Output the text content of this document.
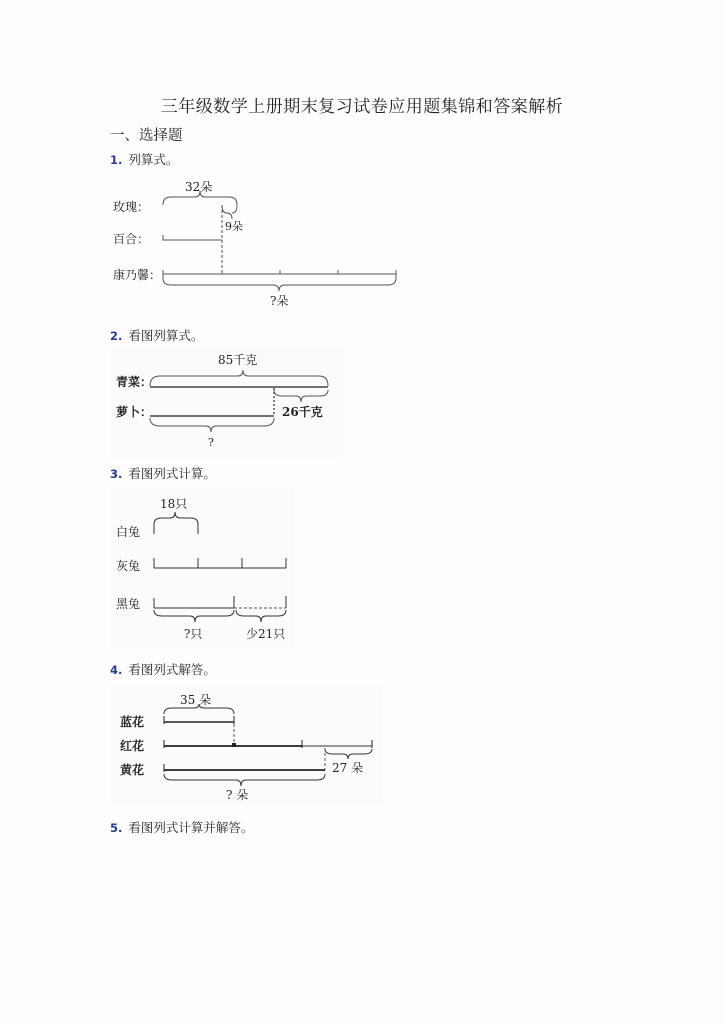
三年级数学上册期末复习试卷应用题集锦和答案解析
一、选择题
1. 列算式。
32朵
玫瑰：
百合：
康乃馨：
9朵
?朵
2. 看图列算式。
85千克
青菜：
26千克
萝卜：
?
3. 看图列式计算。
18只
白兔
灰兔
黑兔
?只	少21只
4. 看图列式解答。
35 朵
蓝花
红花
27 朵
黄花
? 朵
5. 看图列式计算并解答。
